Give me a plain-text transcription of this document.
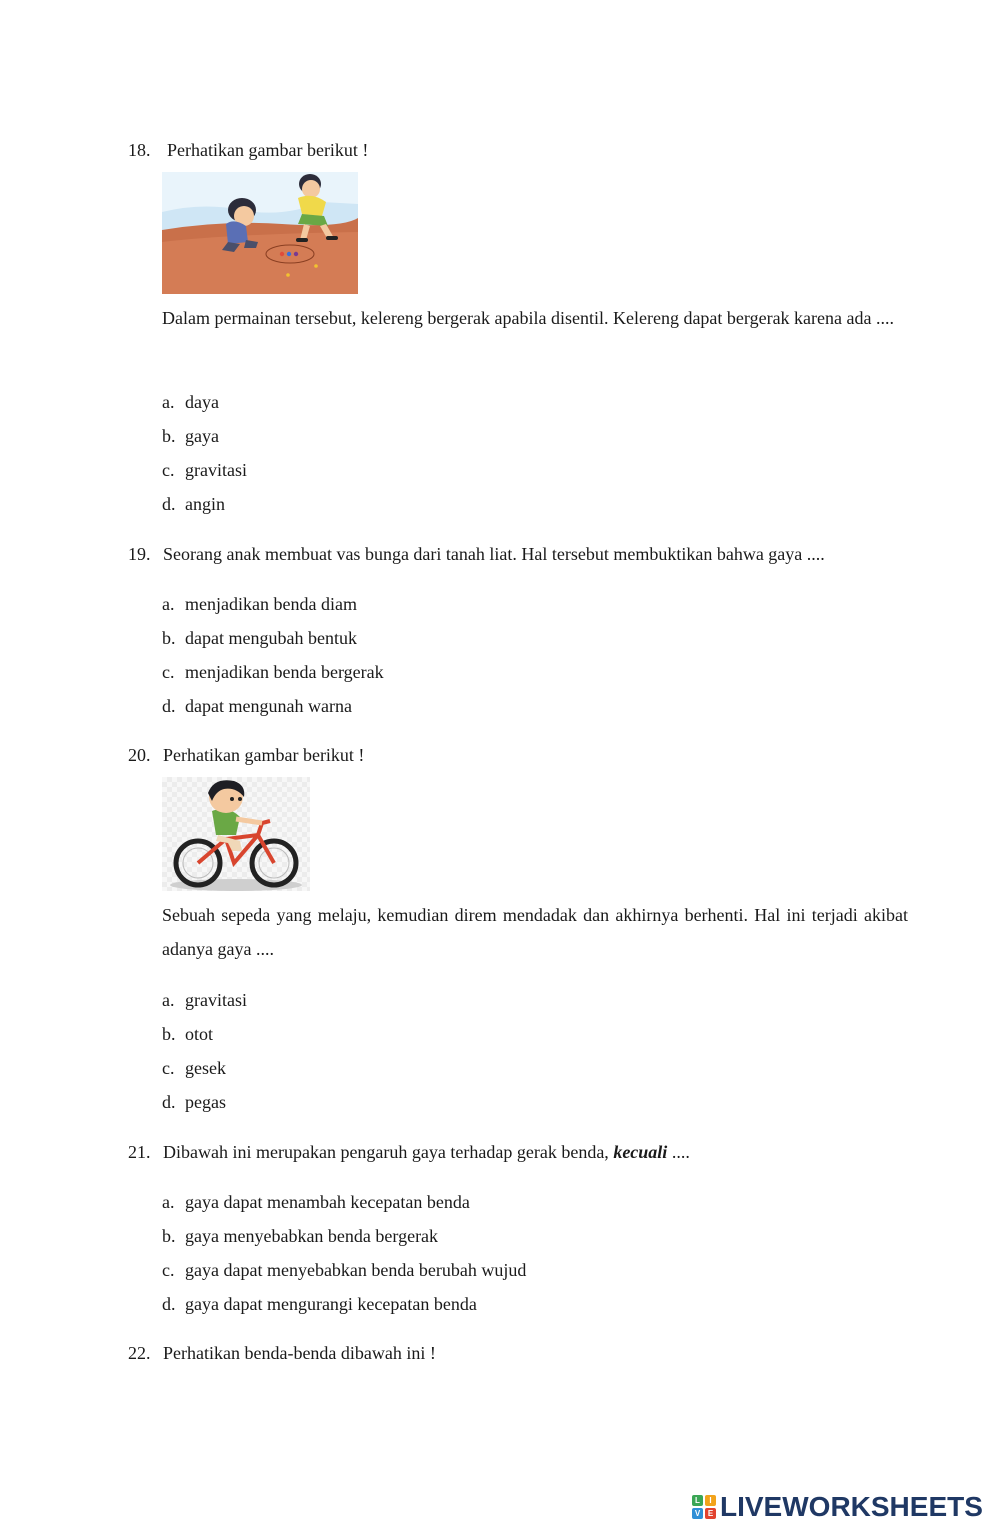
18. Perhatikan gambar berikut !
Dalam permainan tersebut, kelereng bergerak apabila disentil. Kelereng dapat bergerak karena ada ....
a. daya
b. gaya
c. gravitasi
d. angin
19. Seorang anak membuat vas bunga dari tanah liat. Hal tersebut membuktikan bahwa gaya ....
a. menjadikan benda diam
b. dapat mengubah bentuk
c. menjadikan benda bergerak
d. dapat mengunah warna
20. Perhatikan gambar berikut !
Sebuah sepeda yang melaju, kemudian direm mendadak dan akhirnya berhenti. Hal ini terjadi akibat adanya gaya ....
a. gravitasi
b. otot
c. gesek
d. pegas
21. Dibawah ini merupakan pengaruh gaya terhadap gerak benda, kecuali ....
a. gaya dapat menambah kecepatan benda
b. gaya menyebabkan benda bergerak
c. gaya dapat menyebabkan benda berubah wujud
d. gaya dapat mengurangi kecepatan benda
22. Perhatikan benda-benda dibawah ini !
L	I
V E LIVEWORKSHEETS
